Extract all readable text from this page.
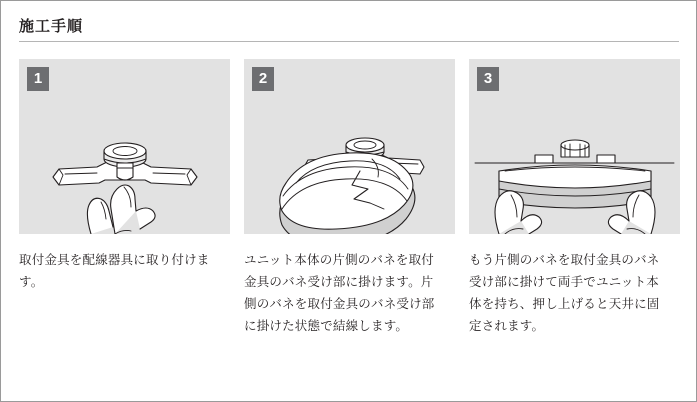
施工手順
1
取付金具を配線器具に取り付けます。
2
ユニット本体の片側のバネを取付金具のバネ受け部に掛けます。片側のバネを取付金具のバネ受け部に掛けた状態で結線します。
3
もう片側のバネを取付金具のバネ受け部に掛けて両手でユニット本体を持ち、押し上げると天井に固定されます。
